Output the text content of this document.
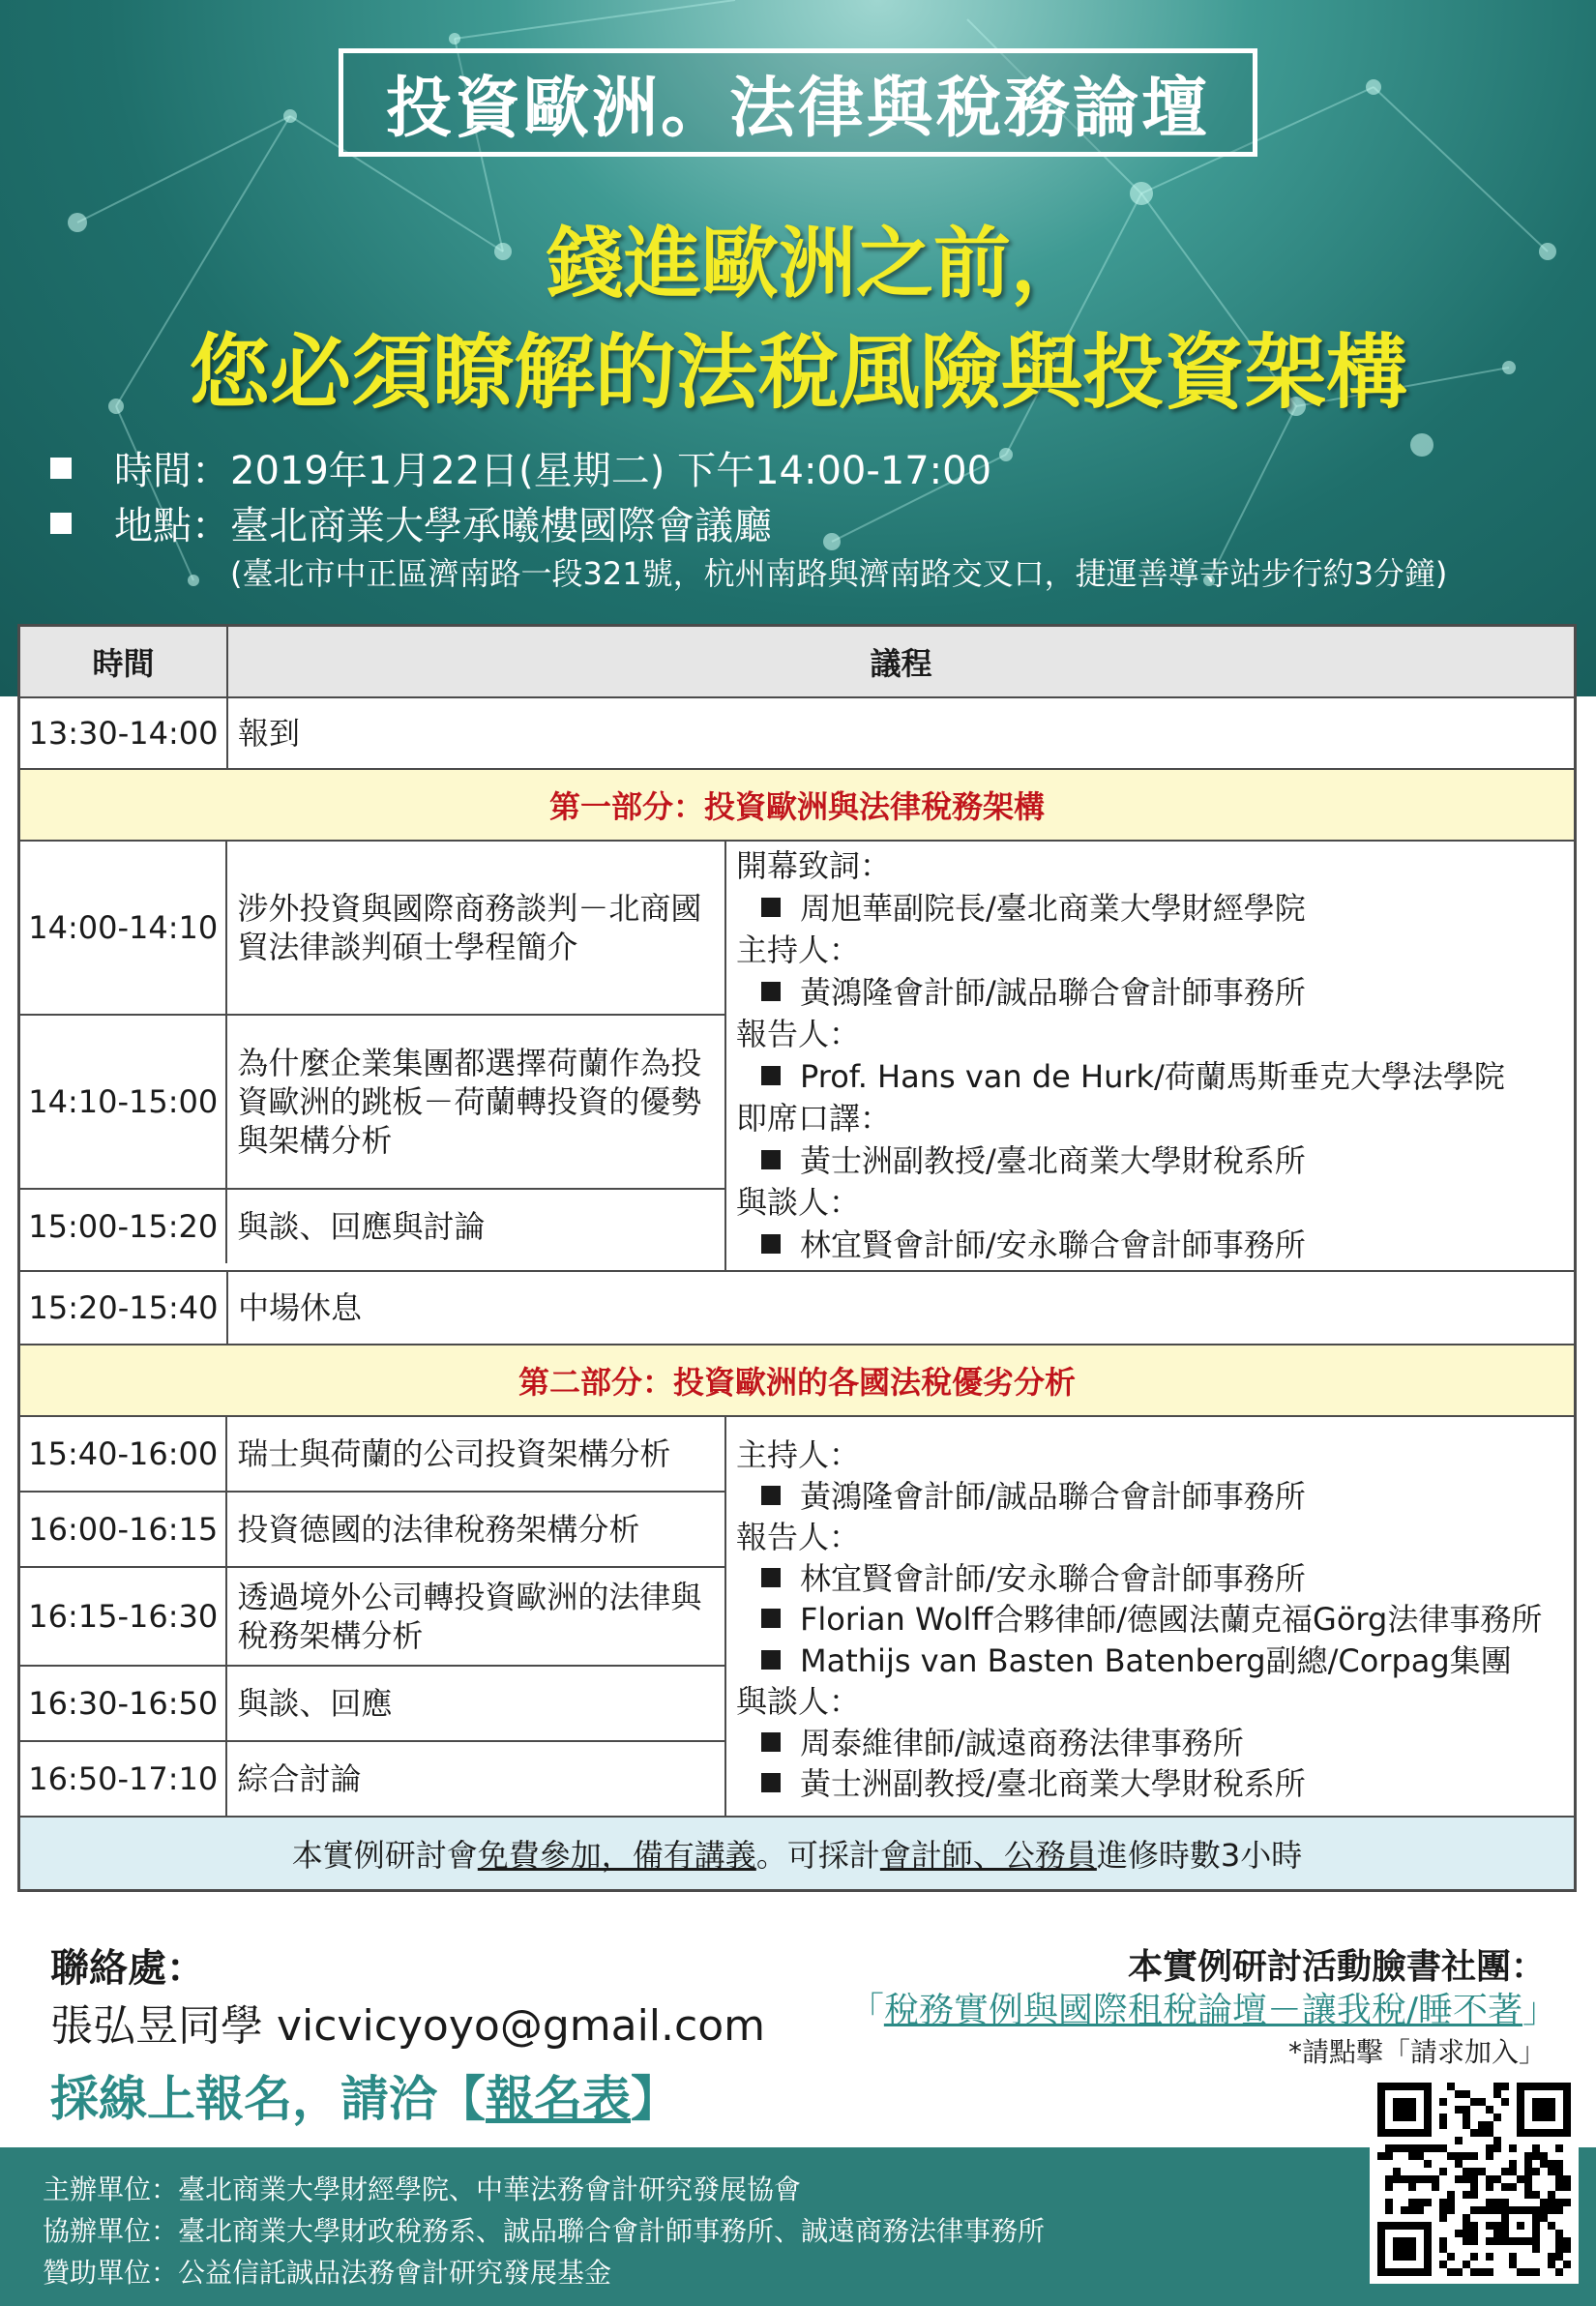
投資歐洲。法律與稅務論壇
錢進歐洲之前，
您必須瞭解的法稅風險與投資架構
時間：2019年1月22日(星期二) 下午14:00-17:00
地點：臺北商業大學承曦樓國際會議廳
(臺北市中正區濟南路一段321號，杭州南路與濟南路交叉口，捷運善導寺站步行約3分鐘)
時間	議程
13:30-14:00 報到
第一部分：投資歐洲與法律稅務架構
14:00-14:10
涉外投資與國際商務談判－北商國貿法律談判碩士學程簡介
14:10-15:00
為什麼企業集團都選擇荷蘭作為投資歐洲的跳板－荷蘭轉投資的優勢與架構分析
15:00-15:20 與談、回應與討論
開幕致詞：
周旭華副院長/臺北商業大學財經學院
主持人：
黃鴻隆會計師/誠品聯合會計師事務所
報告人：
Prof. Hans van de Hurk/荷蘭馬斯垂克大學法學院
即席口譯：
黃士洲副教授/臺北商業大學財稅系所
與談人：
林宜賢會計師/安永聯合會計師事務所
15:20-15:40 中場休息
第二部分：投資歐洲的各國法稅優劣分析
15:40-16:00 瑞士與荷蘭的公司投資架構分析
16:00-16:15 投資德國的法律稅務架構分析
16:15-16:30
透過境外公司轉投資歐洲的法律與稅務架構分析
16:30-16:50 與談、回應
16:50-17:10 綜合討論
主持人：
黃鴻隆會計師/誠品聯合會計師事務所
報告人：
林宜賢會計師/安永聯合會計師事務所
Florian Wolff合夥律師/德國法蘭克福Görg法律事務所
Mathijs van Basten Batenberg副總/Corpag集團
與談人：
周泰維律師/誠遠商務法律事務所
黃士洲副教授/臺北商業大學財稅系所
本實例研討會 免費參加，備有講義 。可採計 會計師、公務員 進修時數3小時
聯絡處：
張弘昱同學 vicvicyoyo@gmail.com
採線上報名，請洽【報名表】
本實例研討活動臉書社團：
「稅務實例與國際租稅論壇－讓我稅/睡不著」
*請點擊「請求加入」
主辦單位：臺北商業大學財經學院、中華法務會計研究發展協會
協辦單位：臺北商業大學財政稅務系、誠品聯合會計師事務所、誠遠商務法律事務所
贊助單位：公益信託誠品法務會計研究發展基金
